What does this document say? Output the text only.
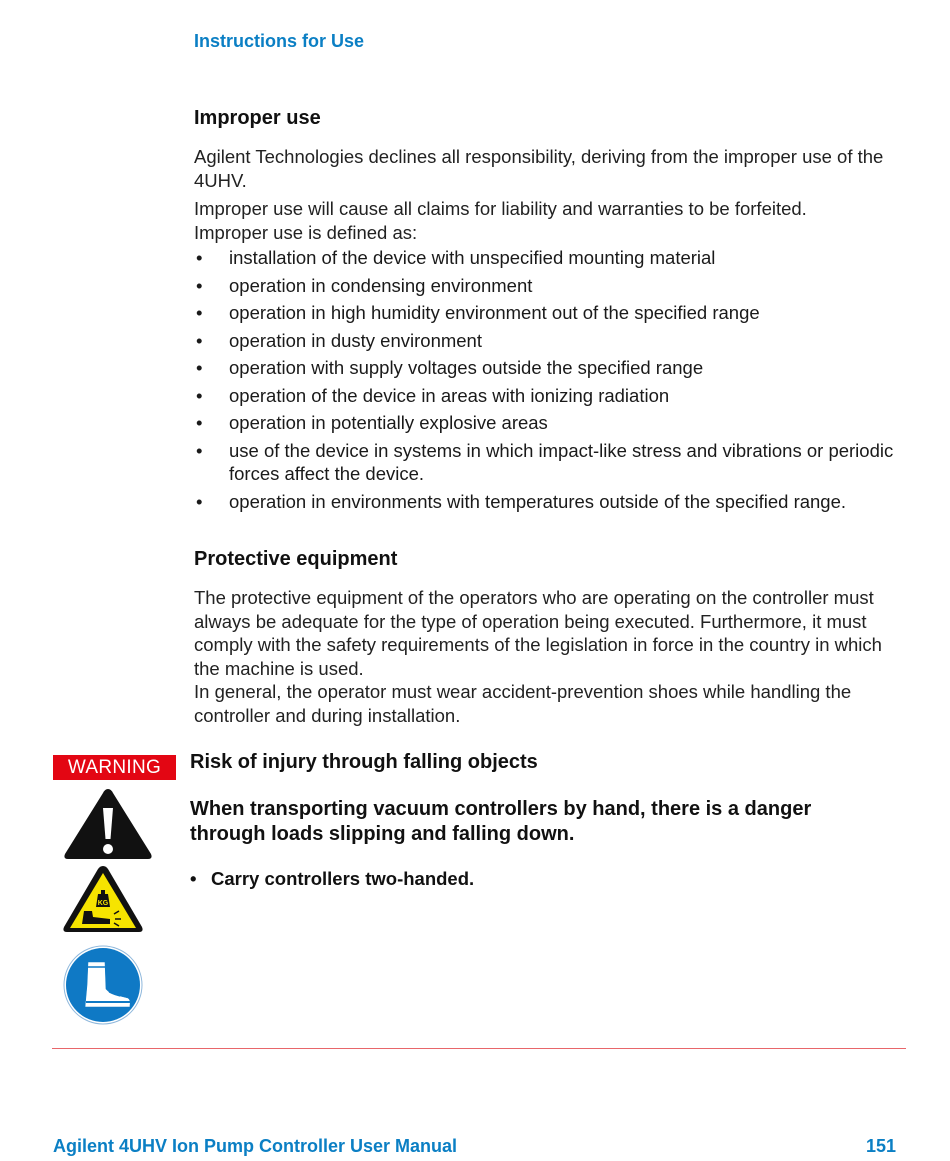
Instructions for Use
Improper use

Agilent Technologies declines all responsibility, deriving from the improper use of the 4UHV.

Improper use will cause all claims for liability and warranties to be forfeited.

Improper use is defined as:

• installation of the device with unspecified mounting material
• operation in condensing environment
• operation in high humidity environment out of the specified range
• operation in dusty environment
• operation with supply voltages outside the specified range
• operation of the device in areas with ionizing radiation
• operation in potentially explosive areas
• use of the device in systems in which impact-like stress and vibrations or periodic forces affect the device.
• operation in environments with temperatures outside of the specified range.
Protective equipment

The protective equipment of the operators who are operating on the controller must always be adequate for the type of operation being executed. Furthermore, it must comply with the safety requirements of the legislation in force in the country in which the machine is used.

In general, the operator must wear accident-prevention shoes while handling the controller and during installation.

WARNING	Risk of injury through falling objects
When transporting vacuum controllers by hand, there is a danger through loads slipping and falling down.
• Carry controllers two-handed.
KG
Agilent 4UHV Ion Pump Controller User Manual	151
